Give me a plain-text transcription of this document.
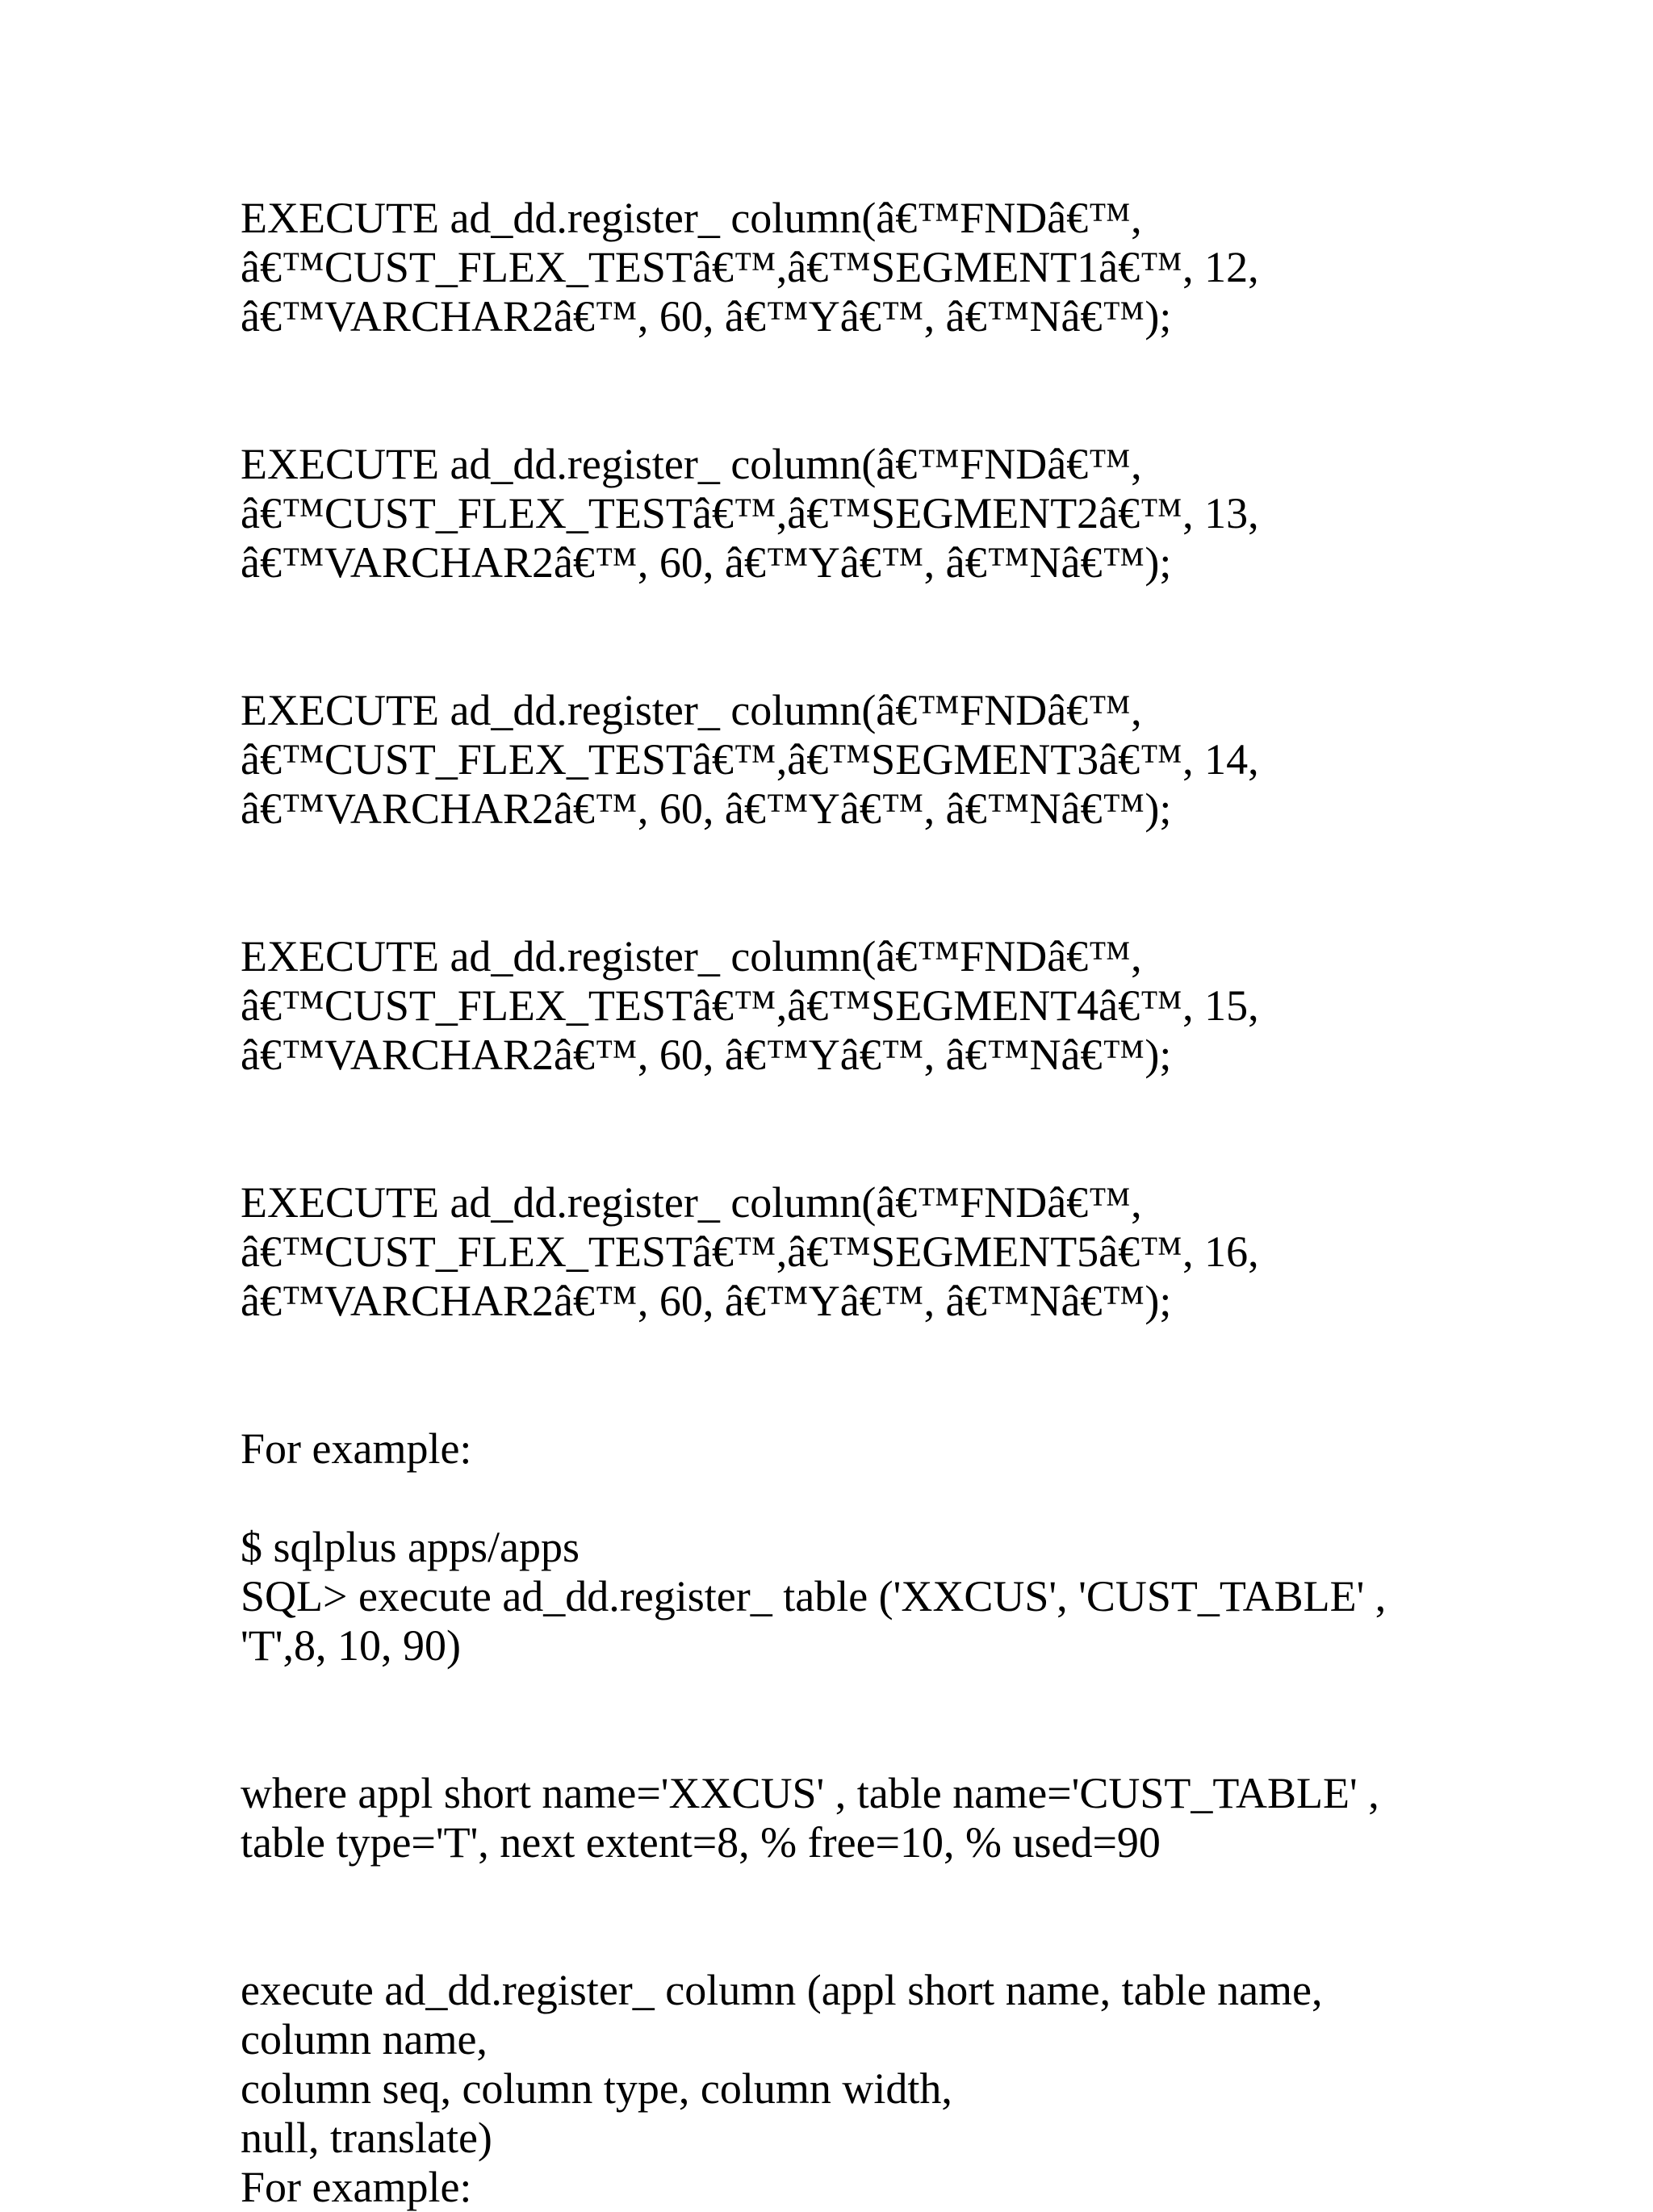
EXECUTE ad_dd.register_ column(â€™FNDâ€™,
â€™CUST_FLEX_TESTâ€™,â€™SEGMENT1â€™, 12,
â€™VARCHAR2â€™, 60, â€™Yâ€™, â€™Nâ€™);
EXECUTE ad_dd.register_ column(â€™FNDâ€™,
â€™CUST_FLEX_TESTâ€™,â€™SEGMENT2â€™, 13,
â€™VARCHAR2â€™, 60, â€™Yâ€™, â€™Nâ€™);
EXECUTE ad_dd.register_ column(â€™FNDâ€™,
â€™CUST_FLEX_TESTâ€™,â€™SEGMENT3â€™, 14,
â€™VARCHAR2â€™, 60, â€™Yâ€™, â€™Nâ€™);
EXECUTE ad_dd.register_ column(â€™FNDâ€™,
â€™CUST_FLEX_TESTâ€™,â€™SEGMENT4â€™, 15,
â€™VARCHAR2â€™, 60, â€™Yâ€™, â€™Nâ€™);
EXECUTE ad_dd.register_ column(â€™FNDâ€™,
â€™CUST_FLEX_TESTâ€™,â€™SEGMENT5â€™, 16,
â€™VARCHAR2â€™, 60, â€™Yâ€™, â€™Nâ€™);
For example:
$ sqlplus apps/apps
SQL> execute ad_dd.register_ table ('XXCUS', 'CUST_TABLE' ,
'T',8, 10, 90)
where appl short name='XXCUS' , table name='CUST_TABLE' ,
table type='T', next extent=8, % free=10, % used=90
execute ad_dd.register_ column (appl short name, table name,
column name,
column seq, column type, column width,
null, translate)
For example:
